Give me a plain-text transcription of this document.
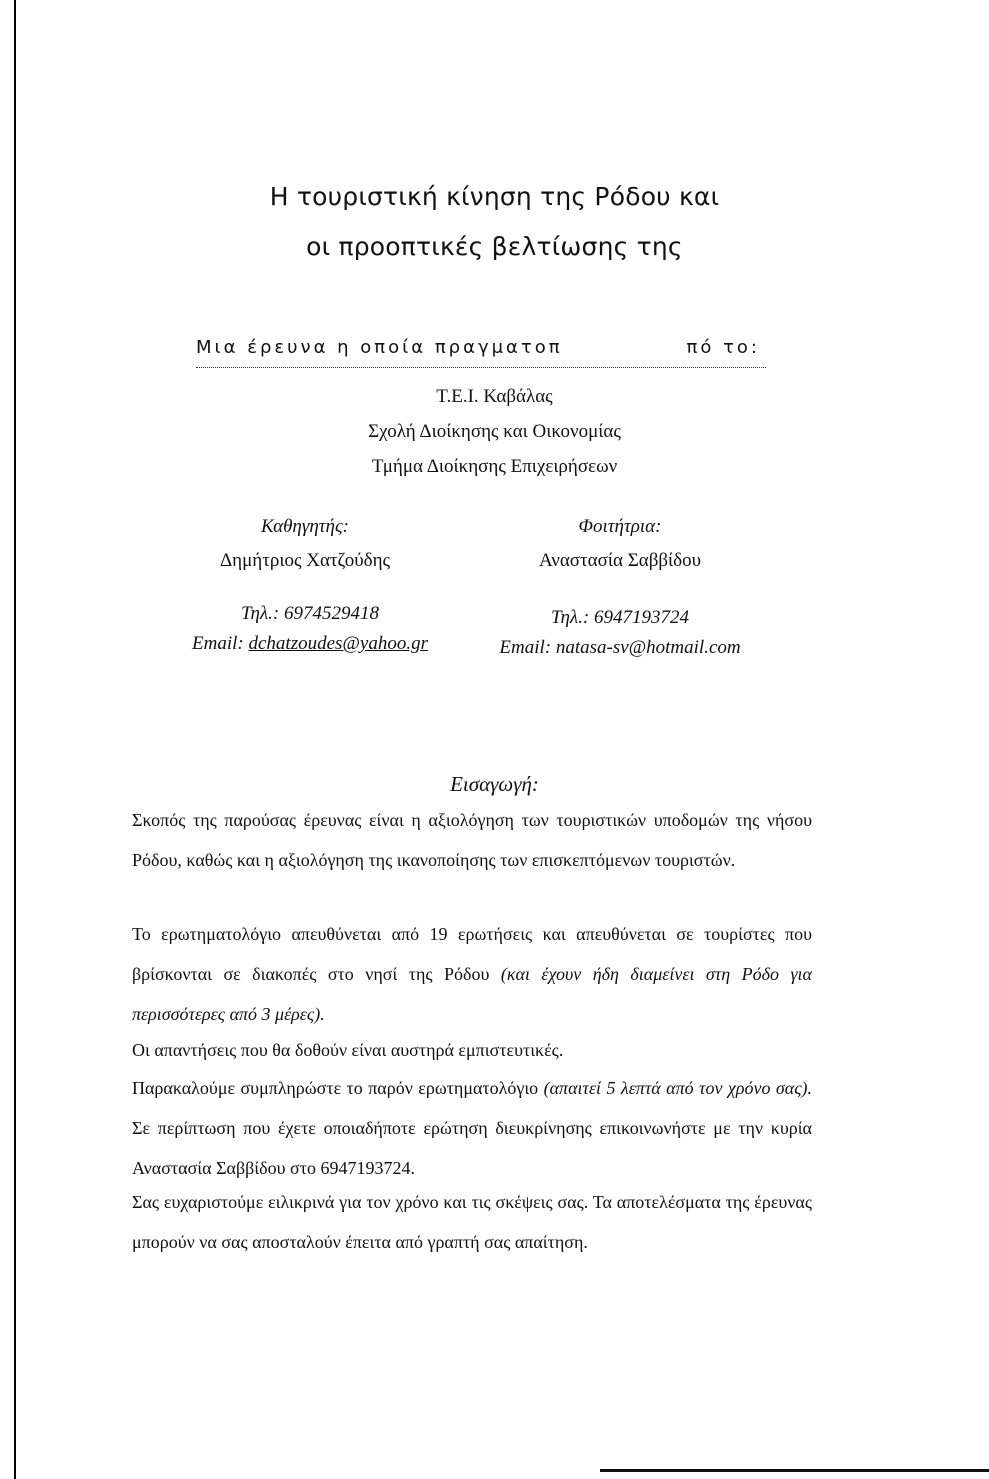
Η τουριστική κίνηση της Ρόδου και
οι προοπτικές βελτίωσης της
Μια έρευνα η οποία πραγματοπ	πό το:
Τ.Ε.Ι. Καβάλας
Σχολή Διοίκησης και Οικονομίας
Τμήμα Διοίκησης Επιχειρήσεων
Καθηγητής:
Δημήτριος Χατζούδης
Φοιτήτρια:
Αναστασία Σαββίδου
Τηλ.: 6974529418
Email: dchatzoudes@yahoo.gr
Τηλ.: 6947193724
Email: natasa-sv@hotmail.com
Εισαγωγή:
Σκοπός της παρούσας έρευνας είναι η αξιολόγηση των τουριστικών υποδομών της νήσου Ρόδου, καθώς και η αξιολόγηση της ικανοποίησης των επισκεπτόμενων τουριστών.
Το ερωτηματολόγιο απευθύνεται από 19 ερωτήσεις και απευθύνεται σε τουρίστες που βρίσκονται σε διακοπές στο νησί της Ρόδου (και έχουν ήδη διαμείνει στη Ρόδο για περισσότερες από 3 μέρες).
Οι απαντήσεις που θα δοθούν είναι αυστηρά εμπιστευτικές.
Παρακαλούμε συμπληρώστε το παρόν ερωτηματολόγιο (απαιτεί 5 λεπτά από τον χρόνο σας). Σε περίπτωση που έχετε οποιαδήποτε ερώτηση διευκρίνησης επικοινωνήστε με την κυρία Αναστασία Σαββίδου στο 6947193724.
Σας ευχαριστούμε ειλικρινά για τον χρόνο και τις σκέψεις σας. Τα αποτελέσματα της έρευνας μπορούν να σας αποσταλούν έπειτα από γραπτή σας απαίτηση.
